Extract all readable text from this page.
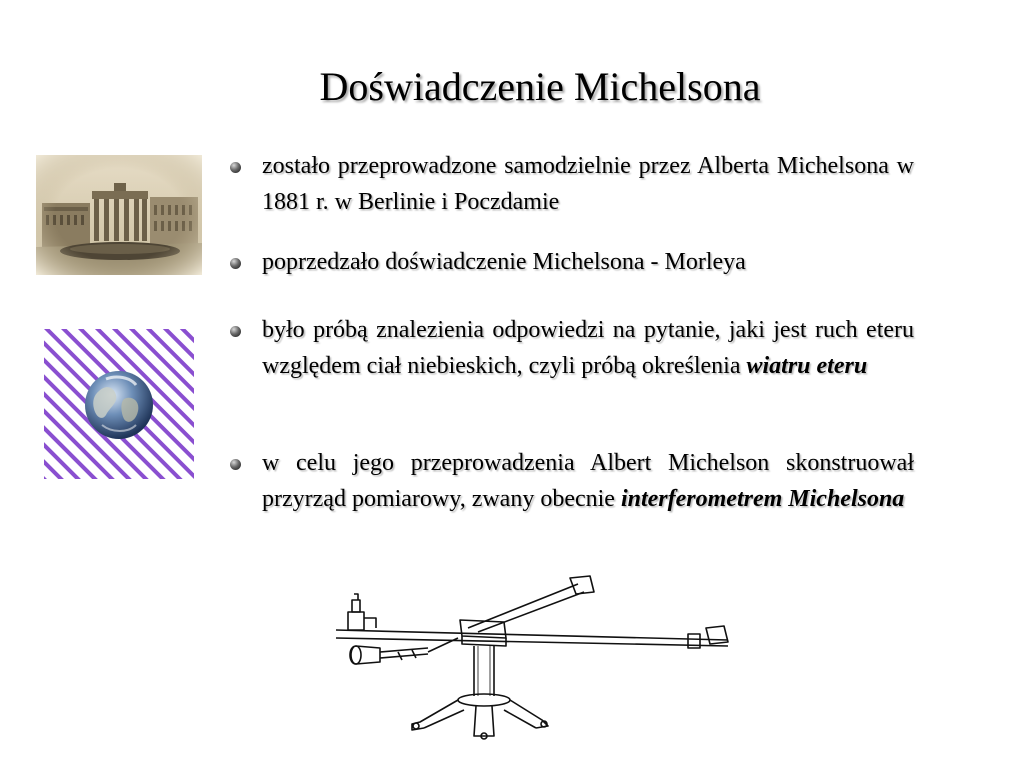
Doświadczenie Michelsona
zostało przeprowadzone samodzielnie przez Alberta Michelsona w 1881 r. w Berlinie i Poczdamie
poprzedzało doświadczenie Michelsona - Morleya
było próbą znalezienia odpowiedzi na pytanie, jaki jest ruch eteru względem ciał niebieskich, czyli próbą określenia wiatru eteru
w celu jego przeprowadzenia Albert Michelson skonstruował przyrząd pomiarowy, zwany obecnie interferometrem Michelsona
